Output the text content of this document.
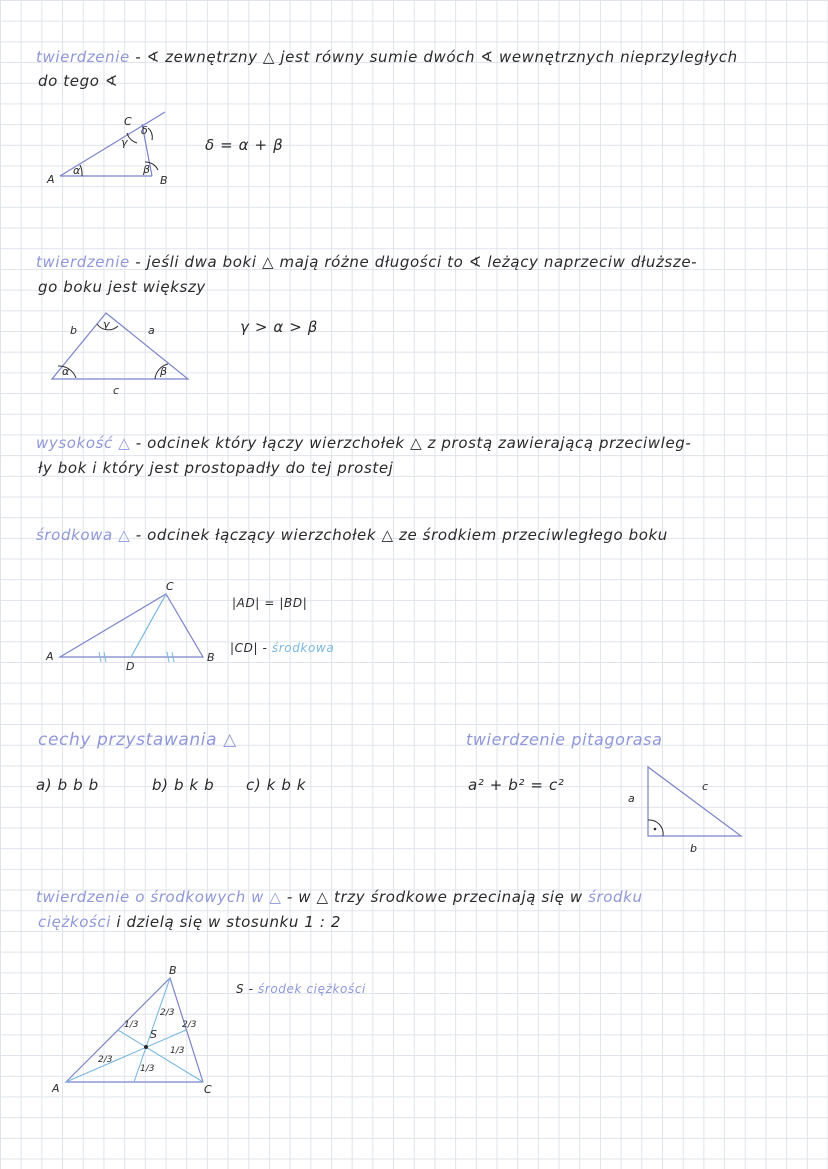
twierdzenie - ∢ zewnętrzny △ jest równy sumie dwóch ∢ wewnętrznych nieprzyległych
do tego ∢
A	B
C
α	β
γ
δ
δ = α + β
twierdzenie - jeśli dwa boki △ mają różne długości to ∢ leżący naprzeciw dłuższe-
go boku jest większy
b	a
c
γ
α	β
γ > α > β
wysokość △ - odcinek który łączy wierzchołek △ z prostą zawierającą przeciwleg-
ły bok i który jest prostopadły do tej prostej
środkowa △ - odcinek łączący wierzchołek △ ze środkiem przeciwległego boku
A	B
C
D
|AD| = |BD|
|CD| - środkowa
cechy przystawania △
a) b b b	b) b k b c) k b k
twierdzenie pitagorasa
a² + b² = c²
a
b
c
twierdzenie o środkowych w △ - w △ trzy środkowe przecinają się w środku
ciężkości i dzielą się w stosunku 1 : 2
B
A	C
S
2/3
1/3
2/3
1/3
1/3
2/3
S - środek ciężkości
